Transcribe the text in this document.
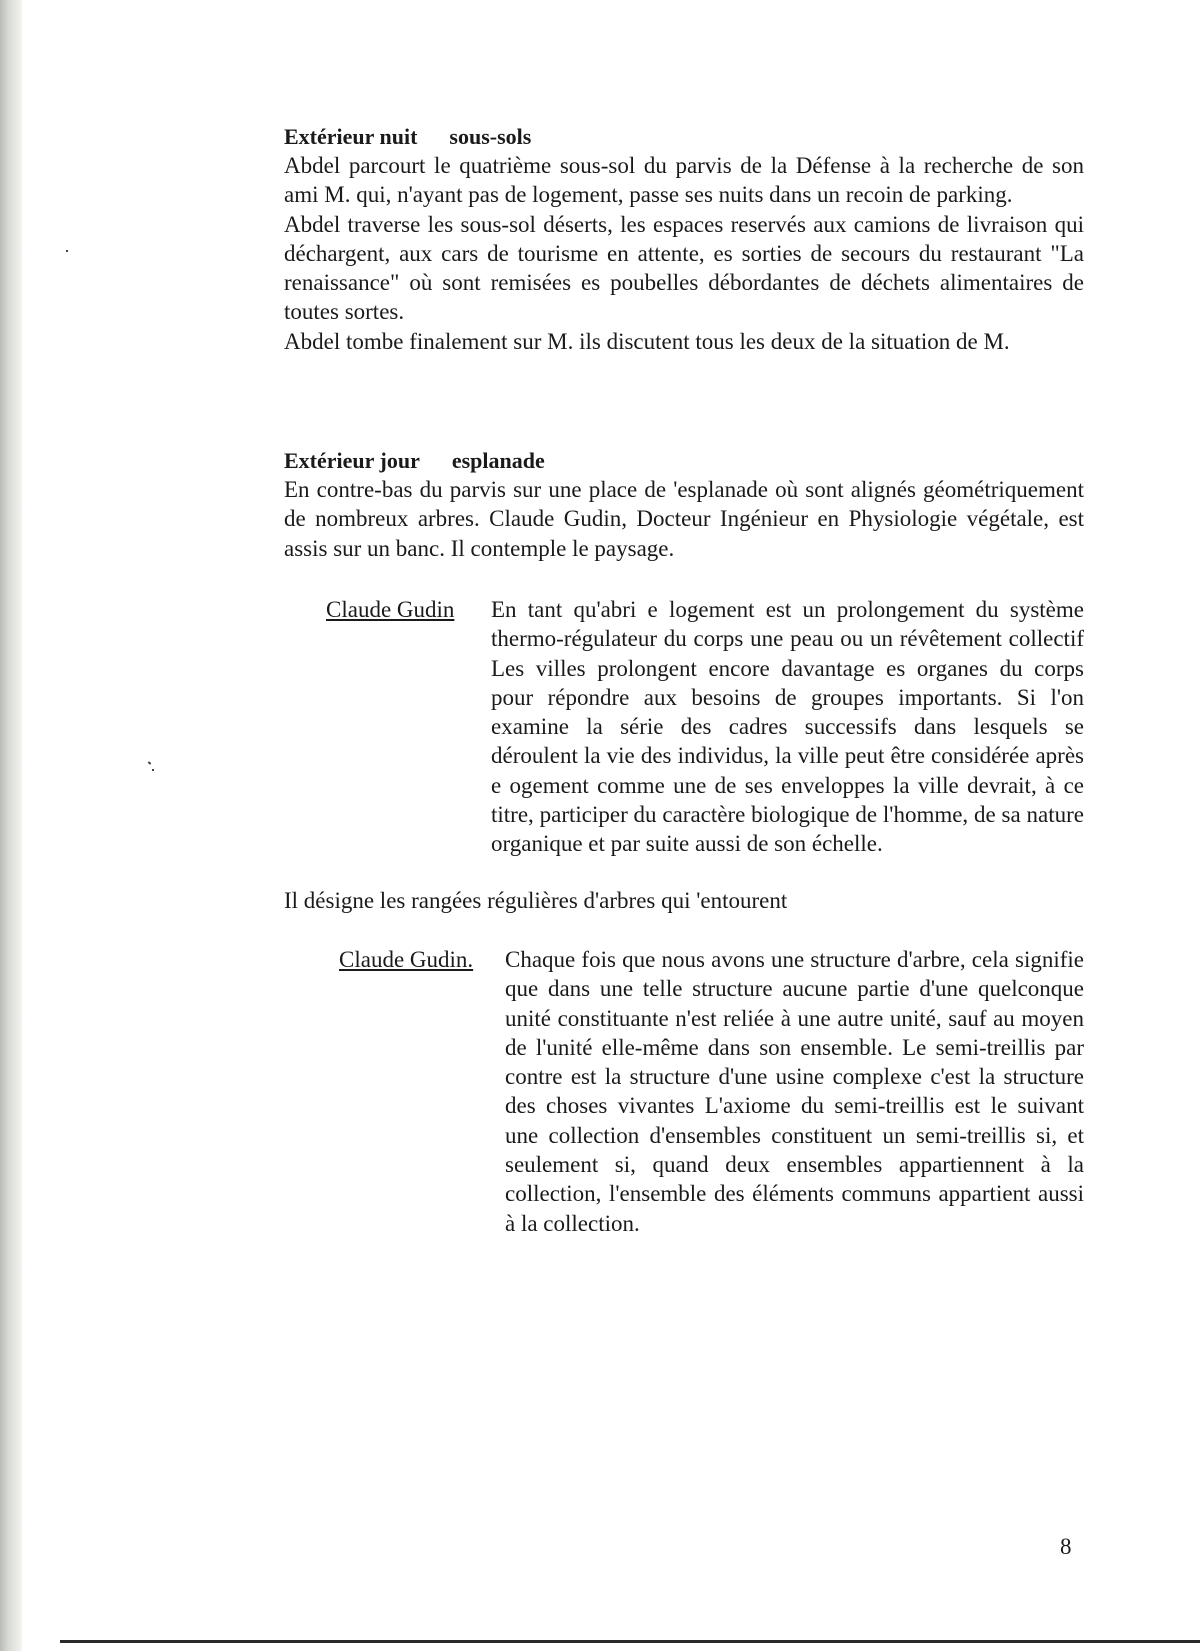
Extérieur nuit sous-sols

Abdel parcourt le quatrième sous-sol du parvis de la Défense à la recherche de son ami M. qui, n'ayant pas de logement, passe ses nuits dans un recoin de parking.

Abdel traverse les sous-sol déserts, les espaces reservés aux camions de livraison qui déchargent, aux cars de tourisme en attente, es sorties de secours du restaurant "La renaissance" où sont remisées es poubelles débordantes de déchets alimentaires de toutes sortes.

Abdel tombe finalement sur M. ils discutent tous les deux de la situation de M.

Extérieur jour esplanade

En contre-bas du parvis sur une place de 'esplanade où sont alignés géométriquement de nombreux arbres. Claude Gudin, Docteur Ingénieur en Physiologie végétale, est assis sur un banc. Il contemple le paysage.

Claude Gudin	En tant qu'abri e logement est un prolongement du système thermo-régulateur du corps une peau ou un révêtement collectif Les villes prolongent encore davantage es organes du corps pour répondre aux besoins de groupes importants. Si l'on examine la série des cadres successifs dans lesquels se déroulent la vie des individus, la ville peut être considérée après e ogement comme une de ses enveloppes la ville devrait, à ce titre, participer du caractère biologique de l'homme, de sa nature organique et par suite aussi de son échelle.

Il désigne les rangées régulières d'arbres qui 'entourent

Claude Gudin.	Chaque fois que nous avons une structure d'arbre, cela signifie que dans une telle structure aucune partie d'une quelconque unité constituante n'est reliée à une autre unité, sauf au moyen de l'unité elle-même dans son ensemble. Le semi-treillis par contre est la structure d'une usine complexe c'est la structure des choses vivantes L'axiome du semi-treillis est le suivant une collection d'ensembles constituent un semi-treillis si, et seulement si, quand deux ensembles appartiennent à la collection, l'ensemble des éléments communs appartient aussi à la collection.
8
